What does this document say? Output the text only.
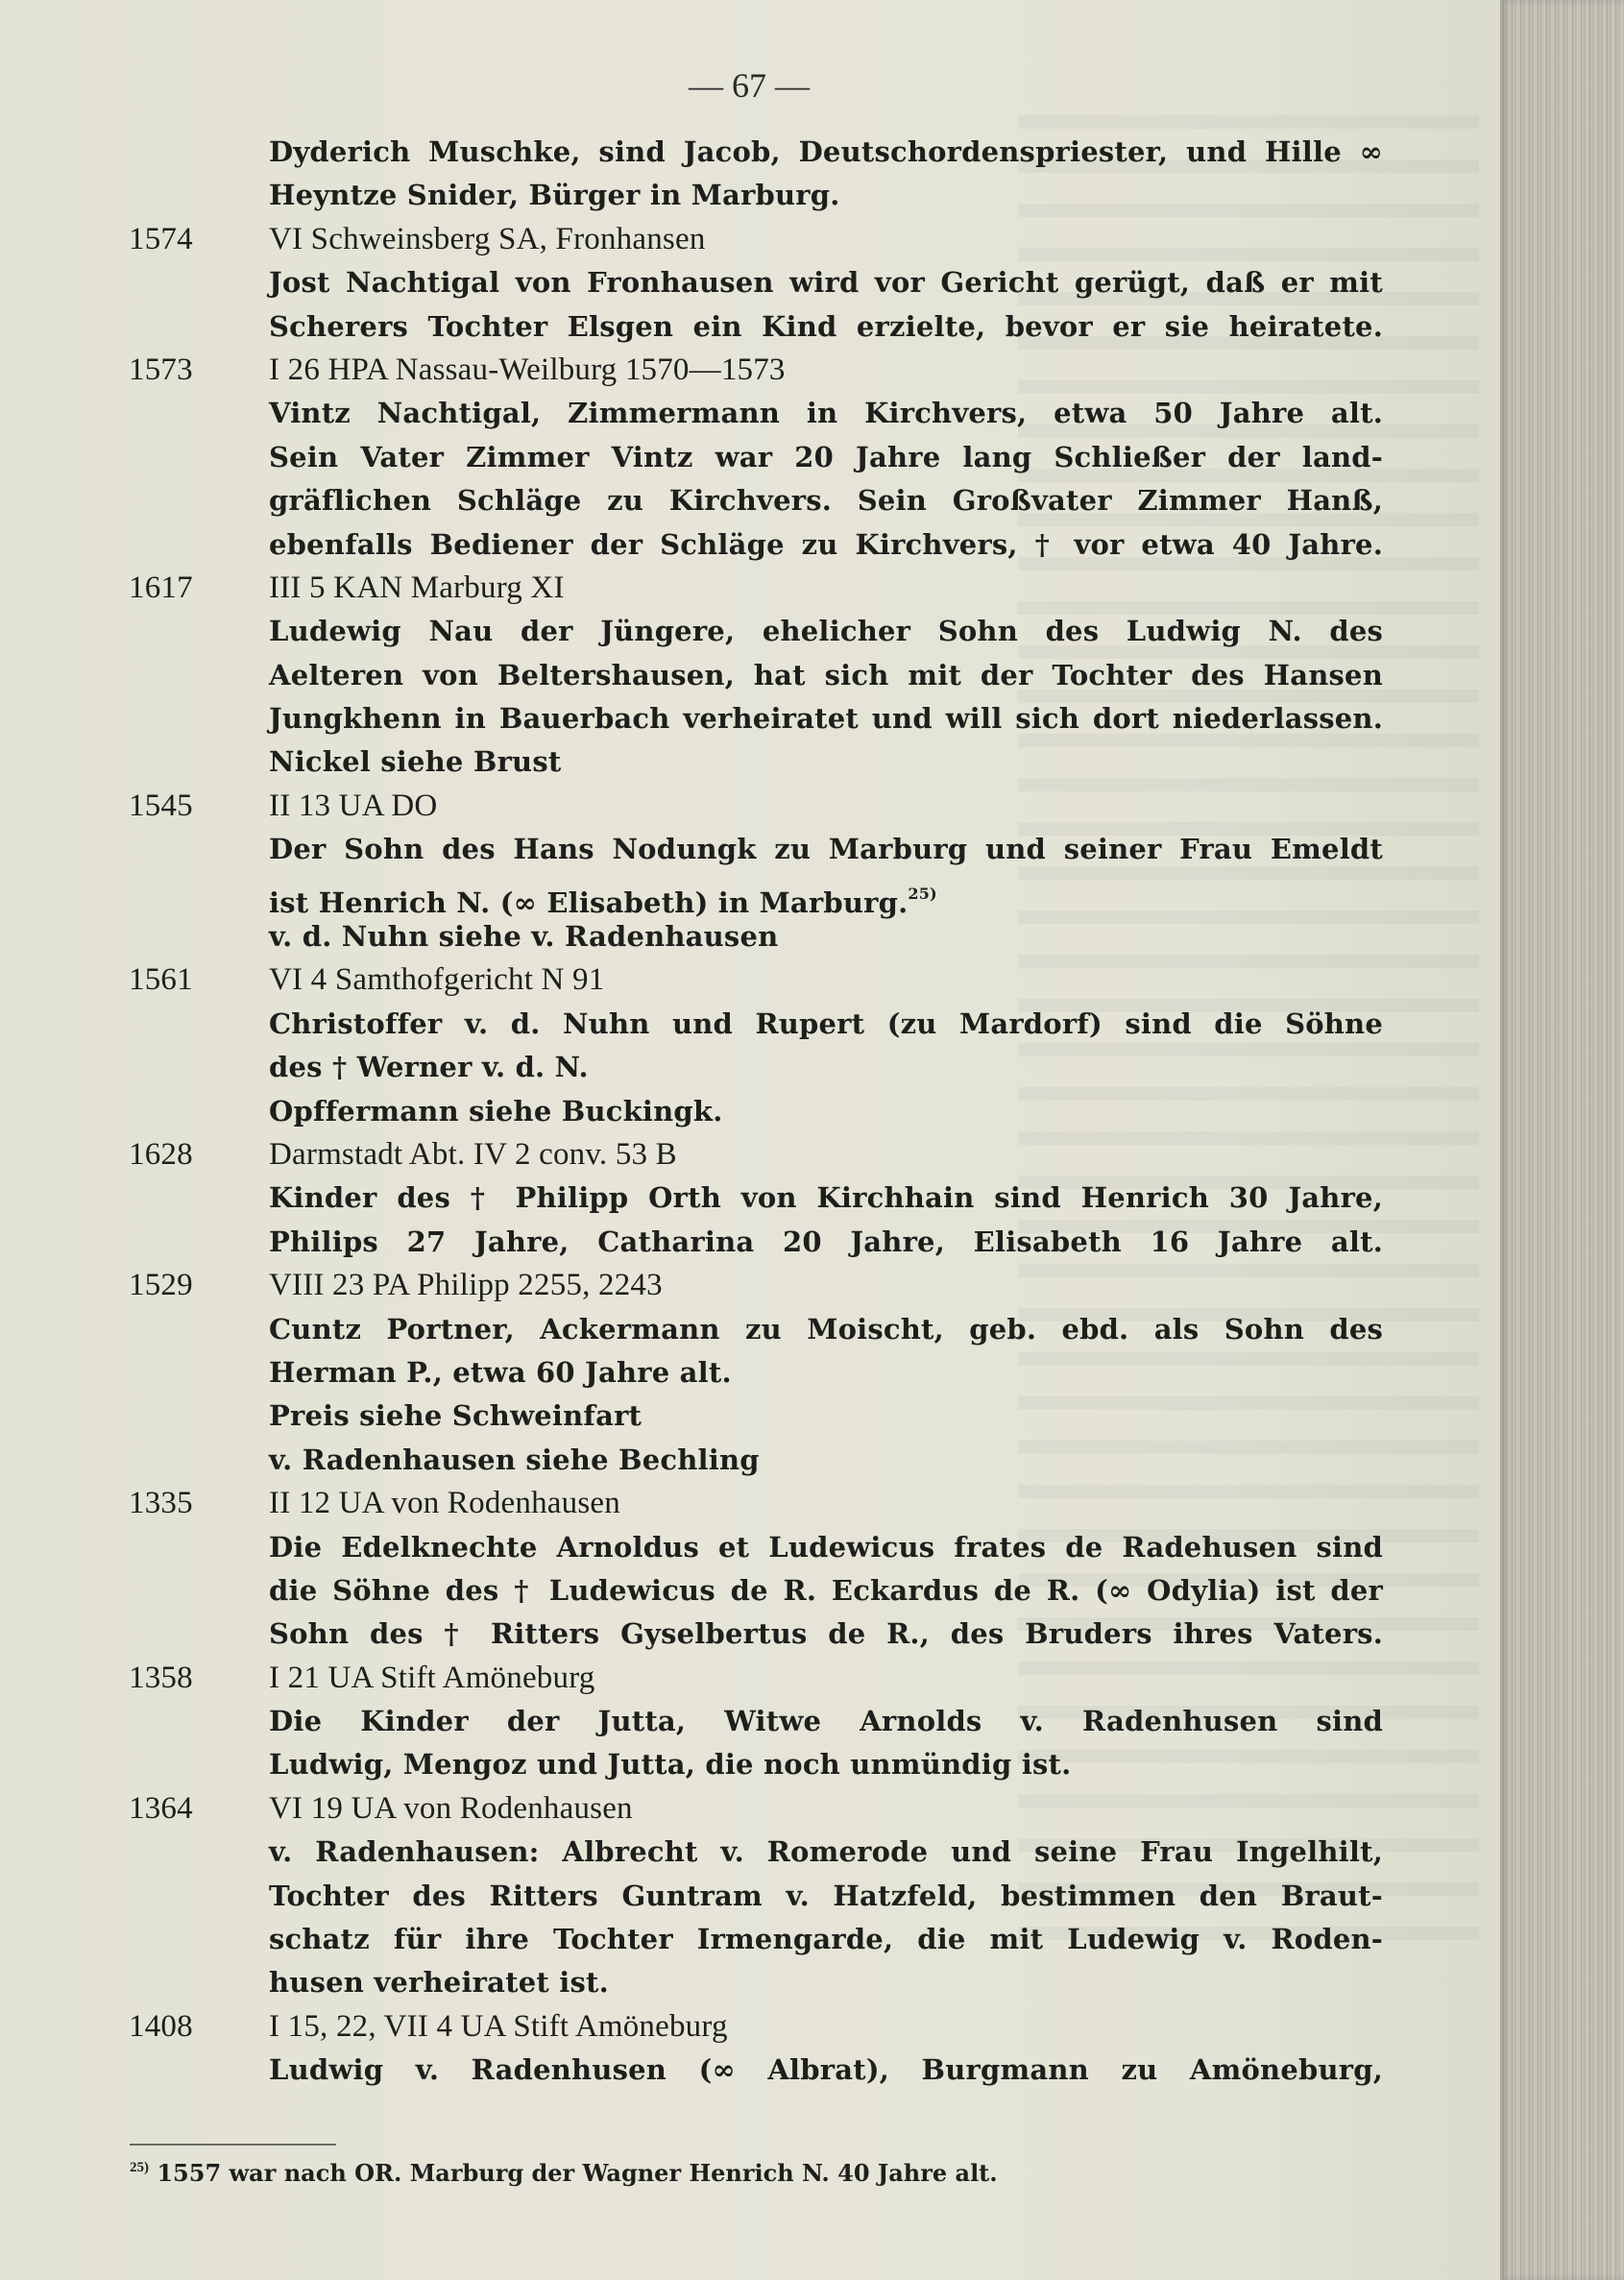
— 67 —
Dyderich Muschke, sind Jacob, Deutschordenspriester, und Hille ∞
Heyntze Snider, Bürger in Marburg.
1574	VI Schweinsberg SA, Fronhansen
Jost Nachtigal von Fronhausen wird vor Gericht gerügt, daß er mit
Scherers Tochter Elsgen ein Kind erzielte, bevor er sie heiratete.
1573	I 26 HPA Nassau-Weilburg 1570—1573
Vintz Nachtigal, Zimmermann in Kirchvers, etwa 50 Jahre alt.
Sein Vater Zimmer Vintz war 20 Jahre lang Schließer der land-
gräflichen Schläge zu Kirchvers. Sein Großvater Zimmer Hanß,
ebenfalls Bediener der Schläge zu Kirchvers, † vor etwa 40 Jahre.
1617	III 5 KAN Marburg XI
Ludewig Nau der Jüngere, ehelicher Sohn des Ludwig N. des
Aelteren von Beltershausen, hat sich mit der Tochter des Hansen
Jungkhenn in Bauerbach verheiratet und will sich dort niederlassen.
Nickel siehe Brust
1545	II 13 UA DO
Der Sohn des Hans Nodungk zu Marburg und seiner Frau Emeldt
ist Henrich N. (∞ Elisabeth) in Marburg.$^{25)}$
v. d. Nuhn siehe v. Radenhausen
1561	VI 4 Samthofgericht N 91
Christoffer v. d. Nuhn und Rupert (zu Mardorf) sind die Söhne
des † Werner v. d. N.
Opffermann siehe Buckingk.
1628	Darmstadt Abt. IV 2 conv. 53 B
Kinder des † Philipp Orth von Kirchhain sind Henrich 30 Jahre,
Philips 27 Jahre, Catharina 20 Jahre, Elisabeth 16 Jahre alt.
1529	VIII 23 PA Philipp 2255, 2243
Cuntz Portner, Ackermann zu Moischt, geb. ebd. als Sohn des
Herman P., etwa 60 Jahre alt.
Preis siehe Schweinfart
v. Radenhausen siehe Bechling
1335	II 12 UA von Rodenhausen
Die Edelknechte Arnoldus et Ludewicus frates de Radehusen sind
die Söhne des † Ludewicus de R. Eckardus de R. (∞ Odylia) ist der
Sohn des † Ritters Gyselbertus de R., des Bruders ihres Vaters.
1358	I 21 UA Stift Amöneburg
Die Kinder der Jutta, Witwe Arnolds v. Radenhusen sind
Ludwig, Mengoz und Jutta, die noch unmündig ist.
1364	VI 19 UA von Rodenhausen
v. Radenhausen: Albrecht v. Romerode und seine Frau Ingelhilt,
Tochter des Ritters Guntram v. Hatzfeld, bestimmen den Braut-
schatz für ihre Tochter Irmengarde, die mit Ludewig v. Roden-
husen verheiratet ist.
1408	I 15, 22, VII 4 UA Stift Amöneburg
Ludwig v. Radenhusen (∞ Albrat), Burgmann zu Amöneburg,
$^{25)}$ 1557 war nach OR. Marburg der Wagner Henrich N. 40 Jahre alt.
